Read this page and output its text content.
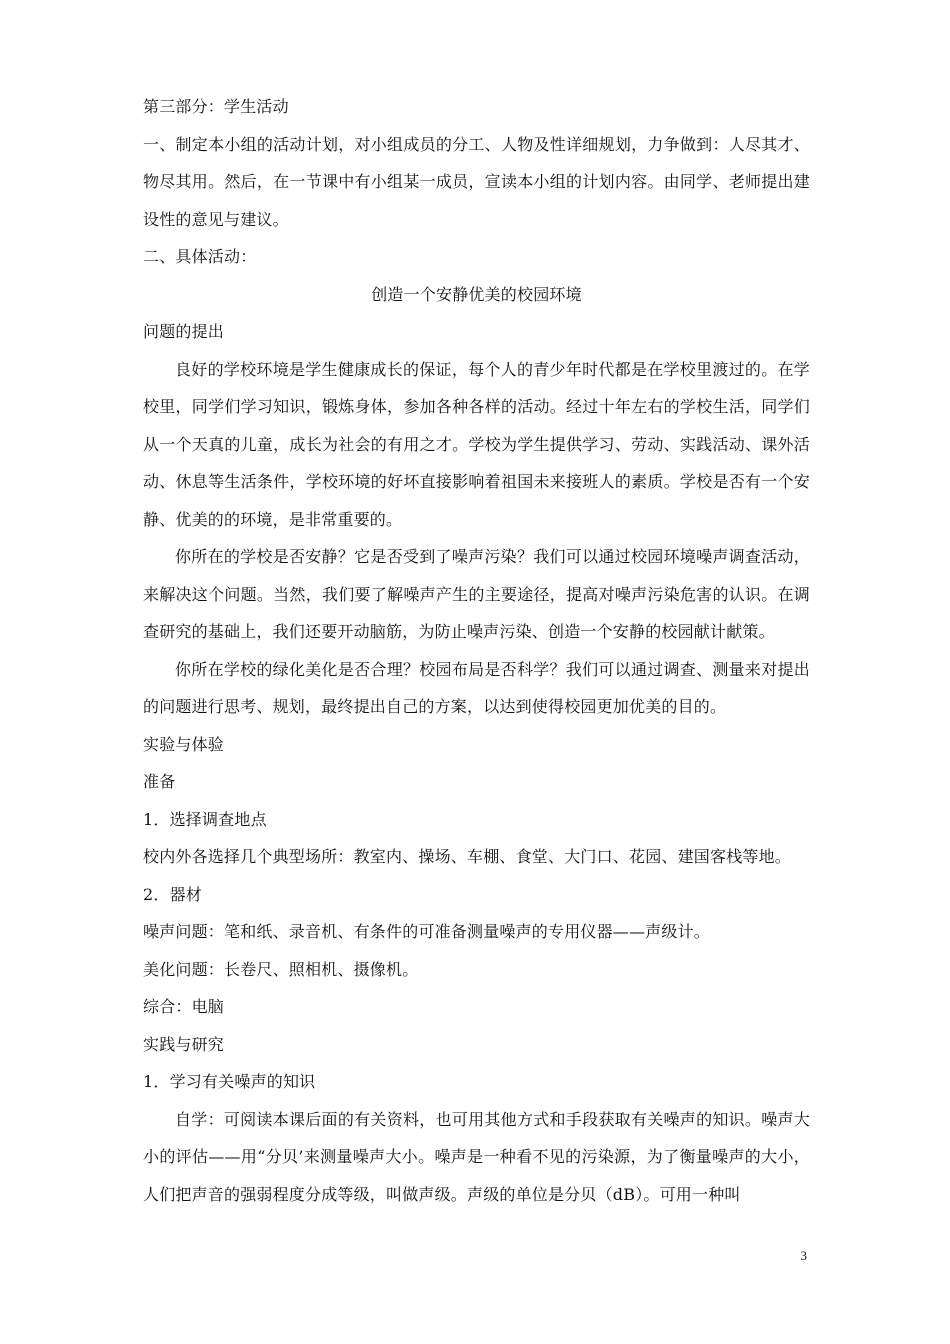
第三部分：学生活动

一、制定本小组的活动计划，对小组成员的分工、人物及性详细规划，力争做到：人尽其才、物尽其用。然后，在一节课中有小组某一成员，宣读本小组的计划内容。由同学、老师提出建设性的意见与建议。

二、具体活动：

创造一个安静优美的校园环境

问题的提出

良好的学校环境是学生健康成长的保证，每个人的青少年时代都是在学校里渡过的。在学校里，同学们学习知识，锻炼身体，参加各种各样的活动。经过十年左右的学校生活，同学们从一个天真的儿童，成长为社会的有用之才。学校为学生提供学习、劳动、实践活动、课外活动、休息等生活条件，学校环境的好坏直接影响着祖国未来接班人的素质。学校是否有一个安静、优美的的环境，是非常重要的。

你所在的学校是否安静？它是否受到了噪声污染？我们可以通过校园环境噪声调查活动，来解决这个问题。当然，我们要了解噪声产生的主要途径，提高对噪声污染危害的认识。在调查研究的基础上，我们还要开动脑筋，为防止噪声污染、创造一个安静的校园献计献策。

你所在学校的绿化美化是否合理？校园布局是否科学？我们可以通过调查、测量来对提出的问题进行思考、规划，最终提出自己的方案，以达到使得校园更加优美的目的。

实验与体验

准备

1．选择调查地点

校内外各选择几个典型场所：教室内、操场、车棚、食堂、大门口、花园、建国客栈等地。

2．器材

噪声问题：笔和纸、录音机、有条件的可准备测量噪声的专用仪器——声级计。

美化问题：长卷尺、照相机、摄像机。

综合：电脑

实践与研究

1．学习有关噪声的知识

自学：可阅读本课后面的有关资料，也可用其他方式和手段获取有关噪声的知识。噪声大小的评估——用“分贝’来测量噪声大小。噪声是一种看不见的污染源，为了衡量噪声的大小，人们把声音的强弱程度分成等级，叫做声级。声级的单位是分贝（dB）。可用一种叫

3
